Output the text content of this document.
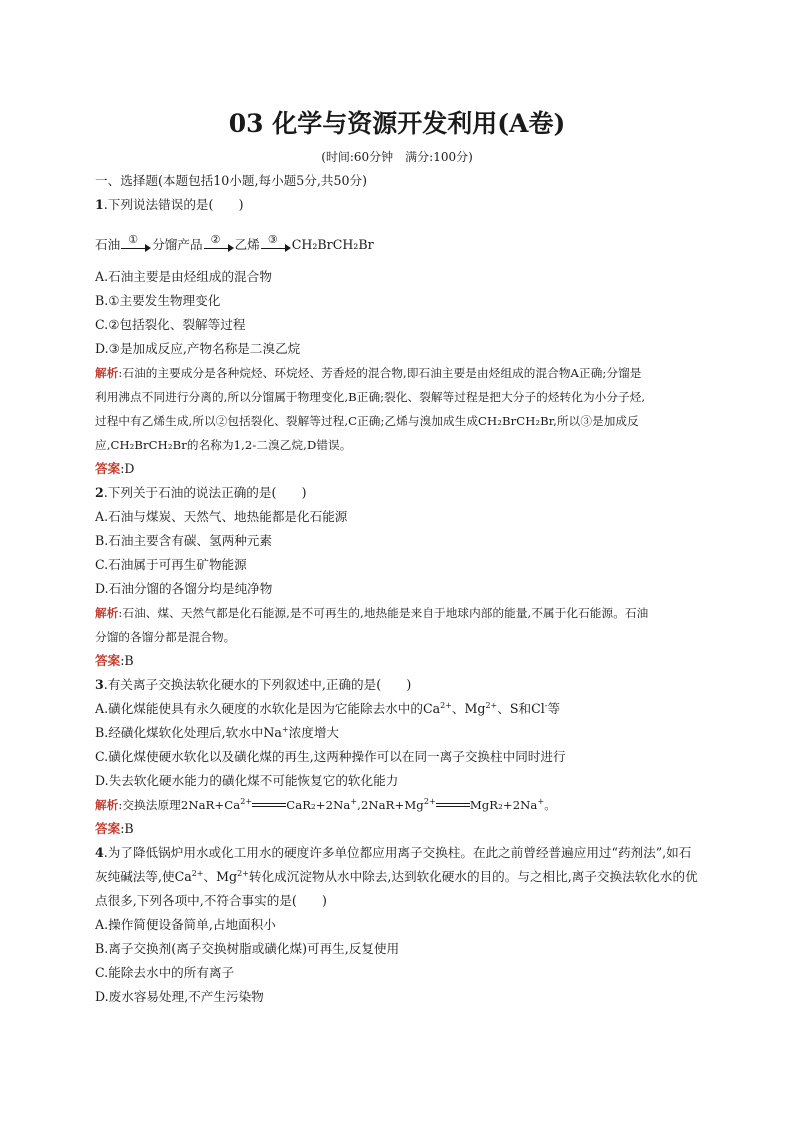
03 化学与资源开发利用(A卷)
(时间:60分钟　满分:100分)
一、选择题(本题包括10小题,每小题5分,共50分)
1.下列说法错误的是(　　)
石油 ①	分馏产品 ②	乙烯 ③	CH₂BrCH₂Br
A.石油主要是由烃组成的混合物
B.①主要发生物理变化
C.②包括裂化、裂解等过程
D.③是加成反应,产物名称是二溴乙烷
解析:石油的主要成分是各种烷烃、环烷烃、芳香烃的混合物,即石油主要是由烃组成的混合物A正确;分馏是
利用沸点不同进行分离的,所以分馏属于物理变化,B正确;裂化、裂解等过程是把大分子的烃转化为小分子烃,
过程中有乙烯生成,所以②包括裂化、裂解等过程,C正确;乙烯与溴加成生成CH₂BrCH₂Br,所以③是加成反
应,CH₂BrCH₂Br的名称为1,2-二溴乙烷,D错误。
答案:D
2.下列关于石油的说法正确的是(　　)
A.石油与煤炭、天然气、地热能都是化石能源
B.石油主要含有碳、氢两种元素
C.石油属于可再生矿物能源
D.石油分馏的各馏分均是纯净物
解析:石油、煤、天然气都是化石能源,是不可再生的,地热能是来自于地球内部的能量,不属于化石能源。石油
分馏的各馏分都是混合物。
答案:B
3.有关离子交换法软化硬水的下列叙述中,正确的是(　　)
A.磺化煤能使具有永久硬度的水软化是因为它能除去水中的$Ca^{2+}$、$Mg^{2+}$、S和Cl-等
B.经磺化煤软化处理后,软水中Na+浓度增大
C.磺化煤使硬水软化以及磺化煤的再生,这两种操作可以在同一离子交换柱中同时进行
D.失去软化硬水能力的磺化煤不可能恢复它的软化能力
解析:交换法原理$2NaR+Ca^{2+}$	$CaR_2+2Na^+,2NaR+Mg^{2+}$	MgR₂+2Na+。
答案:B
4.为了降低锅炉用水或化工用水的硬度许多单位都应用离子交换柱。在此之前曾经普遍应用过“药剂法”,如石
灰纯碱法等,使$Ca^{2+}$、$Mg^{2+}$转化成沉淀物从水中除去,达到软化硬水的目的。与之相比,离子交换法软化水的优
点很多,下列各项中,不符合事实的是(　　)
A.操作简便设备简单,占地面积小
B.离子交换剂(离子交换树脂或磺化煤)可再生,反复使用
C.能除去水中的所有离子
D.废水容易处理,不产生污染物
